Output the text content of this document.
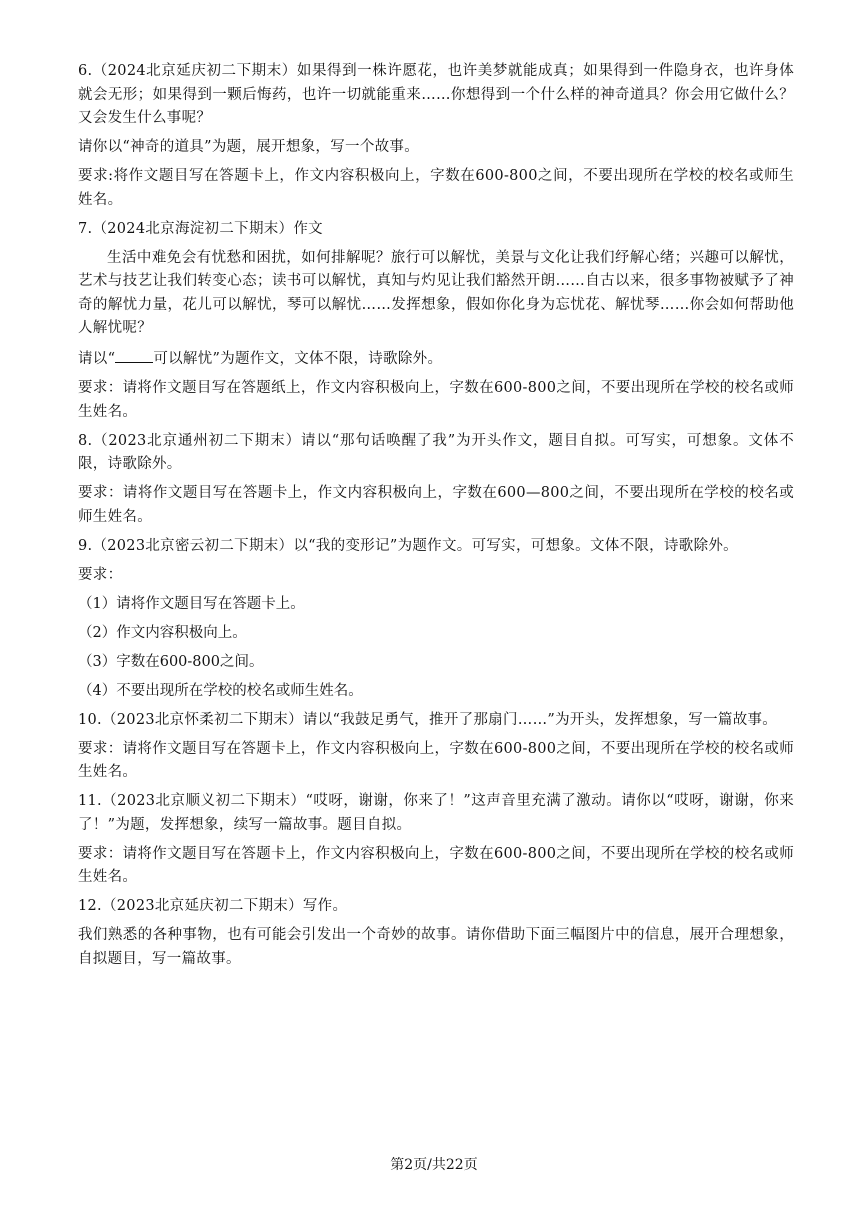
6.（2024北京延庆初二下期末）如果得到一株许愿花，也许美梦就能成真；如果得到一件隐身衣，也许身体就会无形；如果得到一颗后悔药，也许一切就能重来……你想得到一个什么样的神奇道具？你会用它做什么？又会发生什么事呢？

请你以“神奇的道具”为题，展开想象，写一个故事。

要求:将作文题目写在答题卡上，作文内容积极向上，字数在600-800之间，不要出现所在学校的校名或师生姓名。

7.（2024北京海淀初二下期末）作文

生活中难免会有忧愁和困扰，如何排解呢？旅行可以解忧，美景与文化让我们纾解心绪；兴趣可以解忧，艺术与技艺让我们转变心态；读书可以解忧，真知与灼见让我们豁然开朗……自古以来，很多事物被赋予了神奇的解忧力量，花儿可以解忧，琴可以解忧……发挥想象，假如你化身为忘忧花、解忧琴……你会如何帮助他人解忧呢？

请以“	可以解忧”为题作文，文体不限，诗歌除外。

要求：请将作文题目写在答题纸上，作文内容积极向上，字数在600-800之间，不要出现所在学校的校名或师生姓名。

8.（2023北京通州初二下期末）请以“那句话唤醒了我”为开头作文，题目自拟。可写实，可想象。文体不限，诗歌除外。

要求：请将作文题目写在答题卡上，作文内容积极向上，字数在600—800之间，不要出现所在学校的校名或师生姓名。

9.（2023北京密云初二下期末）以“我的变形记”为题作文。可写实，可想象。文体不限，诗歌除外。

要求：

（1）请将作文题目写在答题卡上。

（2）作文内容积极向上。

（3）字数在600-800之间。

（4）不要出现所在学校的校名或师生姓名。

10.（2023北京怀柔初二下期末）请以“我鼓足勇气，推开了那扇门……”为开头，发挥想象，写一篇故事。

要求：请将作文题目写在答题卡上，作文内容积极向上，字数在600-800之间，不要出现所在学校的校名或师生姓名。

11.（2023北京顺义初二下期末）“哎呀，谢谢，你来了！”这声音里充满了激动。请你以“哎呀，谢谢，你来了！”为题，发挥想象，续写一篇故事。题目自拟。

要求：请将作文题目写在答题卡上，作文内容积极向上，字数在600-800之间，不要出现所在学校的校名或师生姓名。

12.（2023北京延庆初二下期末）写作。

我们熟悉的各种事物，也有可能会引发出一个奇妙的故事。请你借助下面三幅图片中的信息，展开合理想象，自拟题目，写一篇故事。

第2页/共22页
